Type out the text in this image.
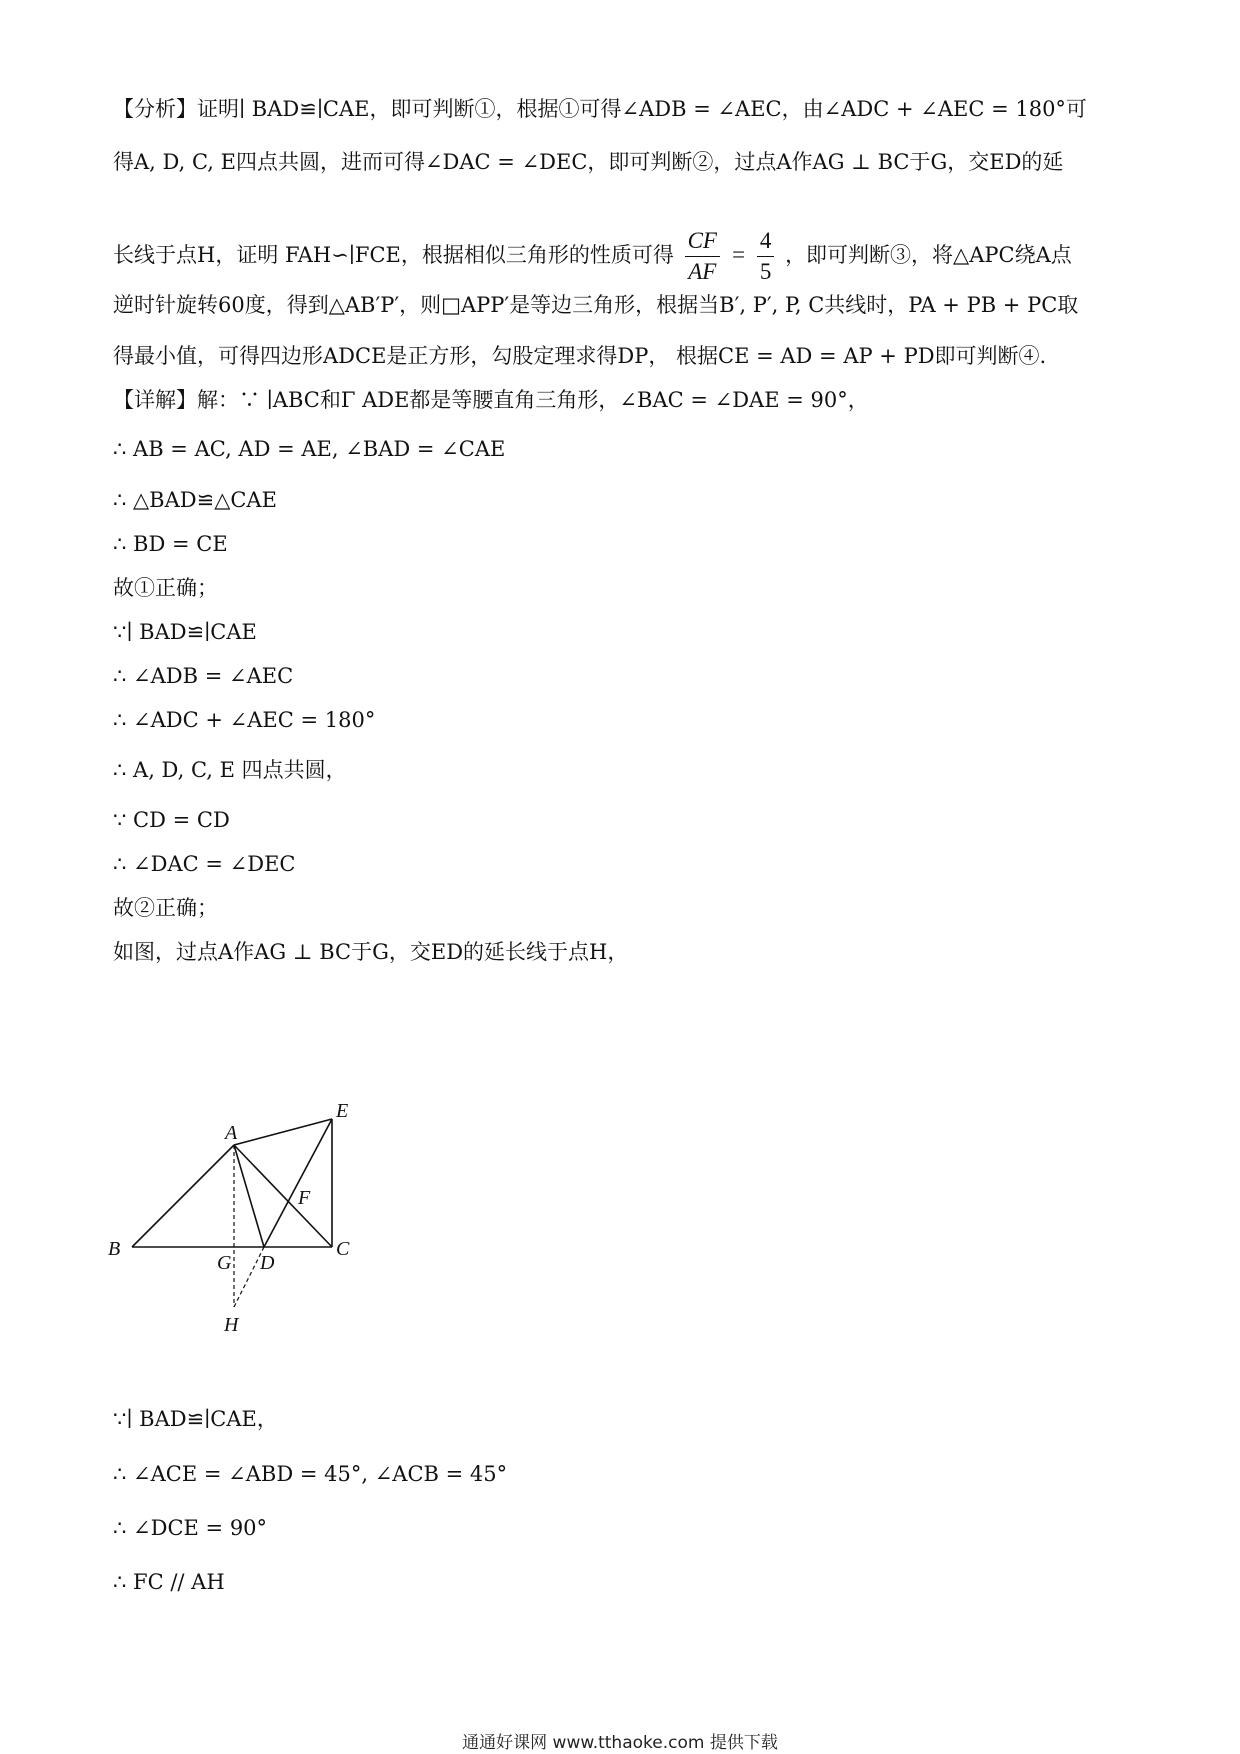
【分析】证明∣ BAD≌∣CAE，即可判断①，根据①可得∠ADB = ∠AEC，由∠ADC + ∠AEC = 180°可
得A, D, C, E四点共圆，进而可得∠DAC = ∠DEC，即可判断②，过点A作AG ⊥ BC于G，交ED的延
长线于点H，证明 FAH∽∣FCE，根据相似三角形的性质可得 $\frac{CF}{AF} = \frac{4}{5}$ ，即可判断③，将△APC绕A点
逆时针旋转60度，得到△AB′P′，则□APP′是等边三角形，根据当B′, P′, P, C共线时，PA + PB + PC取
得最小值，可得四边形ADCE是正方形，勾股定理求得DP， 根据CE = AD = AP + PD即可判断④.
【详解】解：∵ ∣ABC和Γ ADE都是等腰直角三角形，∠BAC = ∠DAE = 90°，
∴ AB = AC, AD = AE, ∠BAD = ∠CAE
∴ △BAD≌△CAE
∴ BD = CE
故①正确；
∵∣ BAD≌∣CAE
∴ ∠ADB = ∠AEC
∴ ∠ADC + ∠AEC = 180°
∴ A, D, C, E 四点共圆，
∵ CD = CD
∴ ∠DAC = ∠DEC
故②正确；
如图，过点A作AG ⊥ BC于G，交ED的延长线于点H，
A
B	C
D
E
F
G
H
∵∣ BAD≌∣CAE，
∴ ∠ACE = ∠ABD = 45°, ∠ACB = 45°
∴ ∠DCE = 90°
∴ FC // AH
通通好课网 www.tthaoke.com 提供下载
